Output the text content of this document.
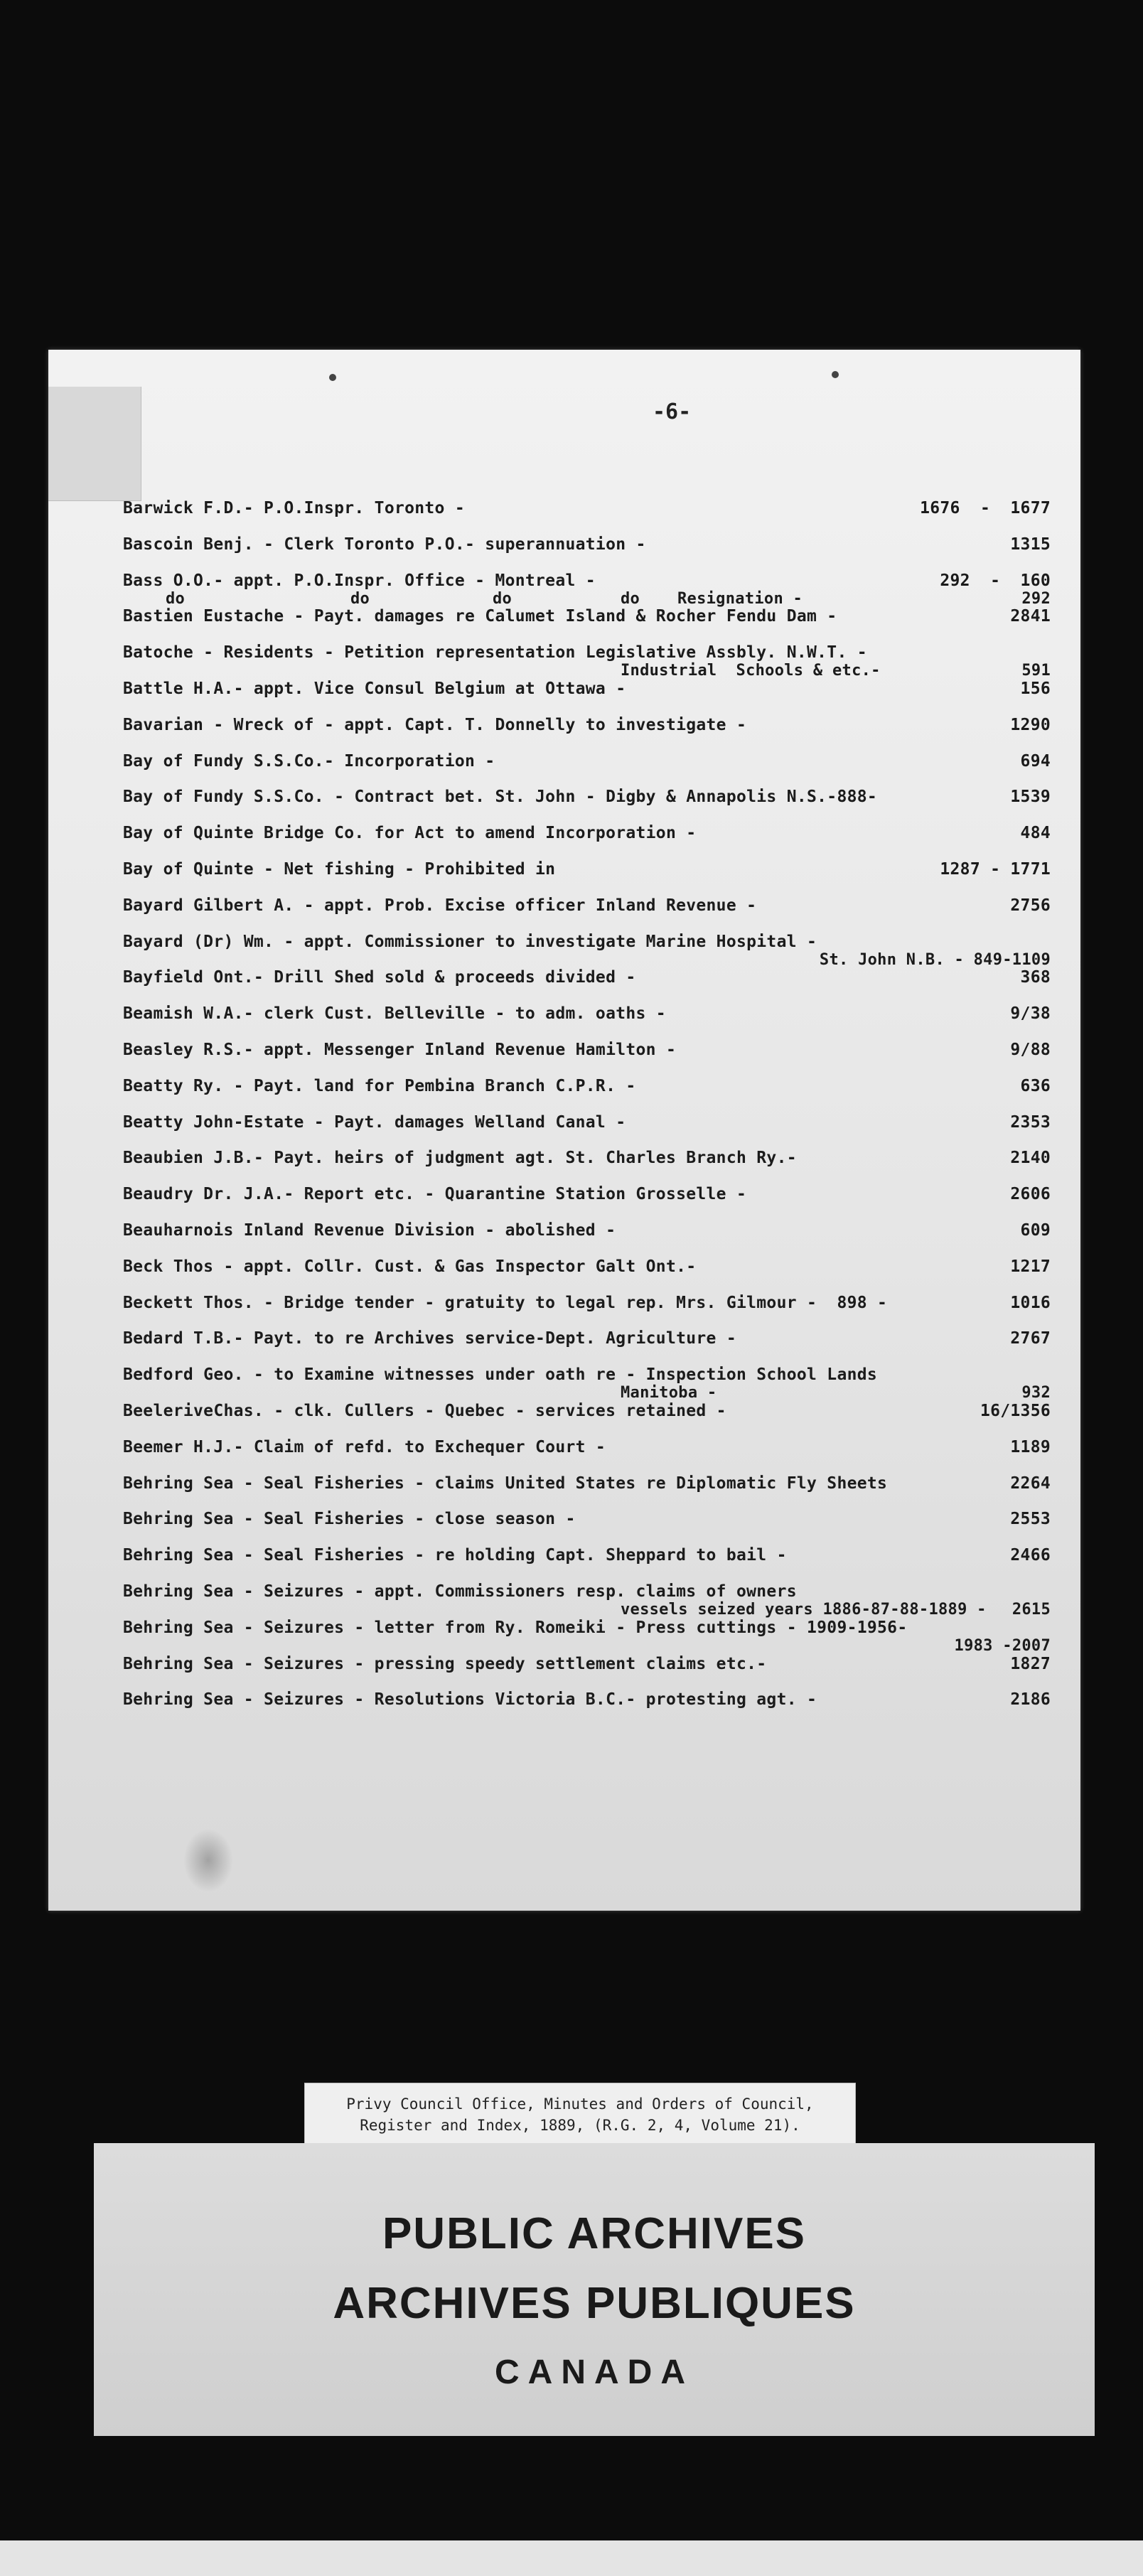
-6-
Barwick F.D.- P.O.Inspr. Toronto -	1676  -  1677
Bascoin Benj. - Clerk Toronto P.O.- superannuation -	1315
Bass O.O.- appt. P.O.Inspr. Office - Montreal -	292  -  160
do	do	do	do Resignation -	292
Bastien Eustache - Payt. damages re Calumet Island & Rocher Fendu Dam -	2841
Batoche - Residents - Petition representation Legislative Assbly. N.W.T. -
Industrial  Schools & etc.-	591
Battle H.A.- appt. Vice Consul Belgium at Ottawa -	156
Bavarian - Wreck of - appt. Capt. T. Donnelly to investigate -	1290
Bay of Fundy S.S.Co.- Incorporation -	694
Bay of Fundy S.S.Co. - Contract bet. St. John - Digby & Annapolis N.S.-888-	1539
Bay of Quinte Bridge Co. for Act to amend Incorporation -	484
Bay of Quinte - Net fishing - Prohibited in	1287 - 1771
Bayard Gilbert A. - appt. Prob. Excise officer Inland Revenue -	2756
Bayard (Dr) Wm. - appt. Commissioner to investigate Marine Hospital -
St. John N.B. - 849-1109
Bayfield Ont.- Drill Shed sold & proceeds divided -	368
Beamish W.A.- clerk Cust. Belleville - to adm. oaths -	9/38
Beasley R.S.- appt. Messenger Inland Revenue Hamilton -	9/88
Beatty Ry. - Payt. land for Pembina Branch C.P.R. -	636
Beatty John-Estate - Payt. damages Welland Canal -	2353
Beaubien J.B.- Payt. heirs of judgment agt. St. Charles Branch Ry.-	2140
Beaudry Dr. J.A.- Report etc. - Quarantine Station Grosselle -	2606
Beauharnois Inland Revenue Division - abolished -	609
Beck Thos - appt. Collr. Cust. & Gas Inspector Galt Ont.-	1217
Beckett Thos. - Bridge tender - gratuity to legal rep. Mrs. Gilmour -  898 -	1016
Bedard T.B.- Payt. to re Archives service-Dept. Agriculture -	2767
Bedford Geo. - to Examine witnesses under oath re - Inspection School Lands
Manitoba -	932
BeeleriveChas. - clk. Cullers - Quebec - services retained -	16/1356
Beemer H.J.- Claim of refd. to Exchequer Court -	1189
Behring Sea - Seal Fisheries - claims United States re Diplomatic Fly Sheets	2264
Behring Sea - Seal Fisheries - close season -	2553
Behring Sea - Seal Fisheries - re holding Capt. Sheppard to bail -	2466
Behring Sea - Seizures - appt. Commissioners resp. claims of owners
vessels seized years 1886-87-88-1889 - 2615
Behring Sea - Seizures - letter from Ry. Romeiki - Press cuttings - 1909-1956-
1983 -2007
Behring Sea - Seizures - pressing speedy settlement claims etc.-	1827
Behring Sea - Seizures - Resolutions Victoria B.C.- protesting agt. -	2186
Privy Council Office, Minutes and Orders of Council,
Register and Index, 1889, (R.G. 2, 4, Volume 21).
PUBLIC ARCHIVES
ARCHIVES PUBLIQUES
CANADA
